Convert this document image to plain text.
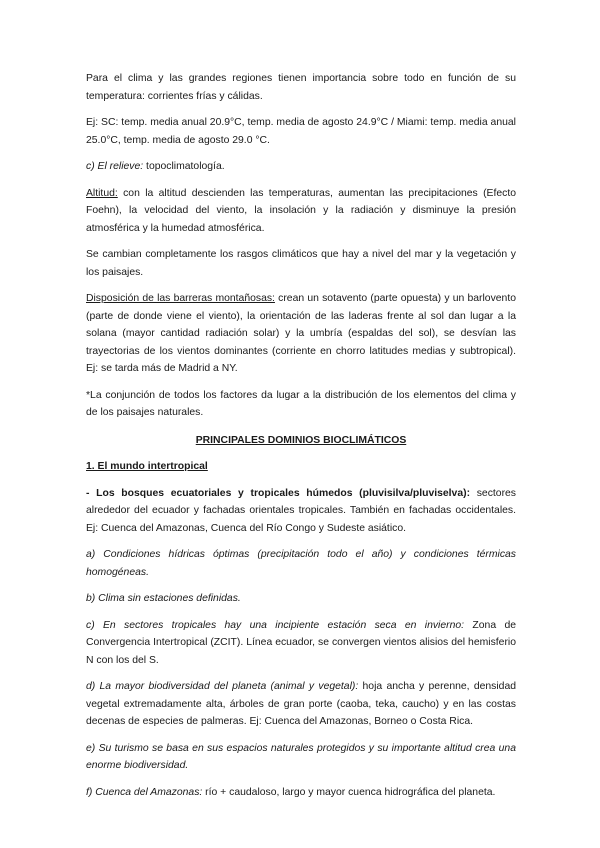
Para el clima y las grandes regiones tienen importancia sobre todo en función de su temperatura: corrientes frías y cálidas.

Ej: SC: temp. media anual 20.9°C, temp. media de agosto 24.9°C / Miami: temp. media anual 25.0°C, temp. media de agosto 29.0 °C.

c) El relieve: topoclimatología.

Altitud: con la altitud descienden las temperaturas, aumentan las precipitaciones (Efecto Foehn), la velocidad del viento, la insolación y la radiación y disminuye la presión atmosférica y la humedad atmosférica.

Se cambian completamente los rasgos climáticos que hay a nivel del mar y la vegetación y los paisajes.

Disposición de las barreras montañosas: crean un sotavento (parte opuesta) y un barlovento (parte de donde viene el viento), la orientación de las laderas frente al sol dan lugar a la solana (mayor cantidad radiación solar) y la umbría (espaldas del sol), se desvían las trayectorias de los vientos dominantes (corriente en chorro latitudes medias y subtropical). Ej: se tarda más de Madrid a NY.

*La conjunción de todos los factores da lugar a la distribución de los elementos del clima y de los paisajes naturales.

PRINCIPALES DOMINIOS BIOCLIMÁTICOS
1. El mundo intertropical

- Los bosques ecuatoriales y tropicales húmedos (pluvisilva/pluviselva): sectores alrededor del ecuador y fachadas orientales tropicales. También en fachadas occidentales. Ej: Cuenca del Amazonas, Cuenca del Río Congo y Sudeste asiático.

a) Condiciones hídricas óptimas (precipitación todo el año) y condiciones térmicas homogéneas.

b) Clima sin estaciones definidas.

c) En sectores tropicales hay una incipiente estación seca en invierno: Zona de Convergencia Intertropical (ZCIT). Línea ecuador, se convergen vientos alisios del hemisferio N con los del S.

d) La mayor biodiversidad del planeta (animal y vegetal): hoja ancha y perenne, densidad vegetal extremadamente alta, árboles de gran porte (caoba, teka, caucho) y en las costas decenas de especies de palmeras. Ej: Cuenca del Amazonas, Borneo o Costa Rica.

e) Su turismo se basa en sus espacios naturales protegidos y su importante altitud crea una enorme biodiversidad.

f) Cuenca del Amazonas: río + caudaloso, largo y mayor cuenca hidrográfica del planeta.
